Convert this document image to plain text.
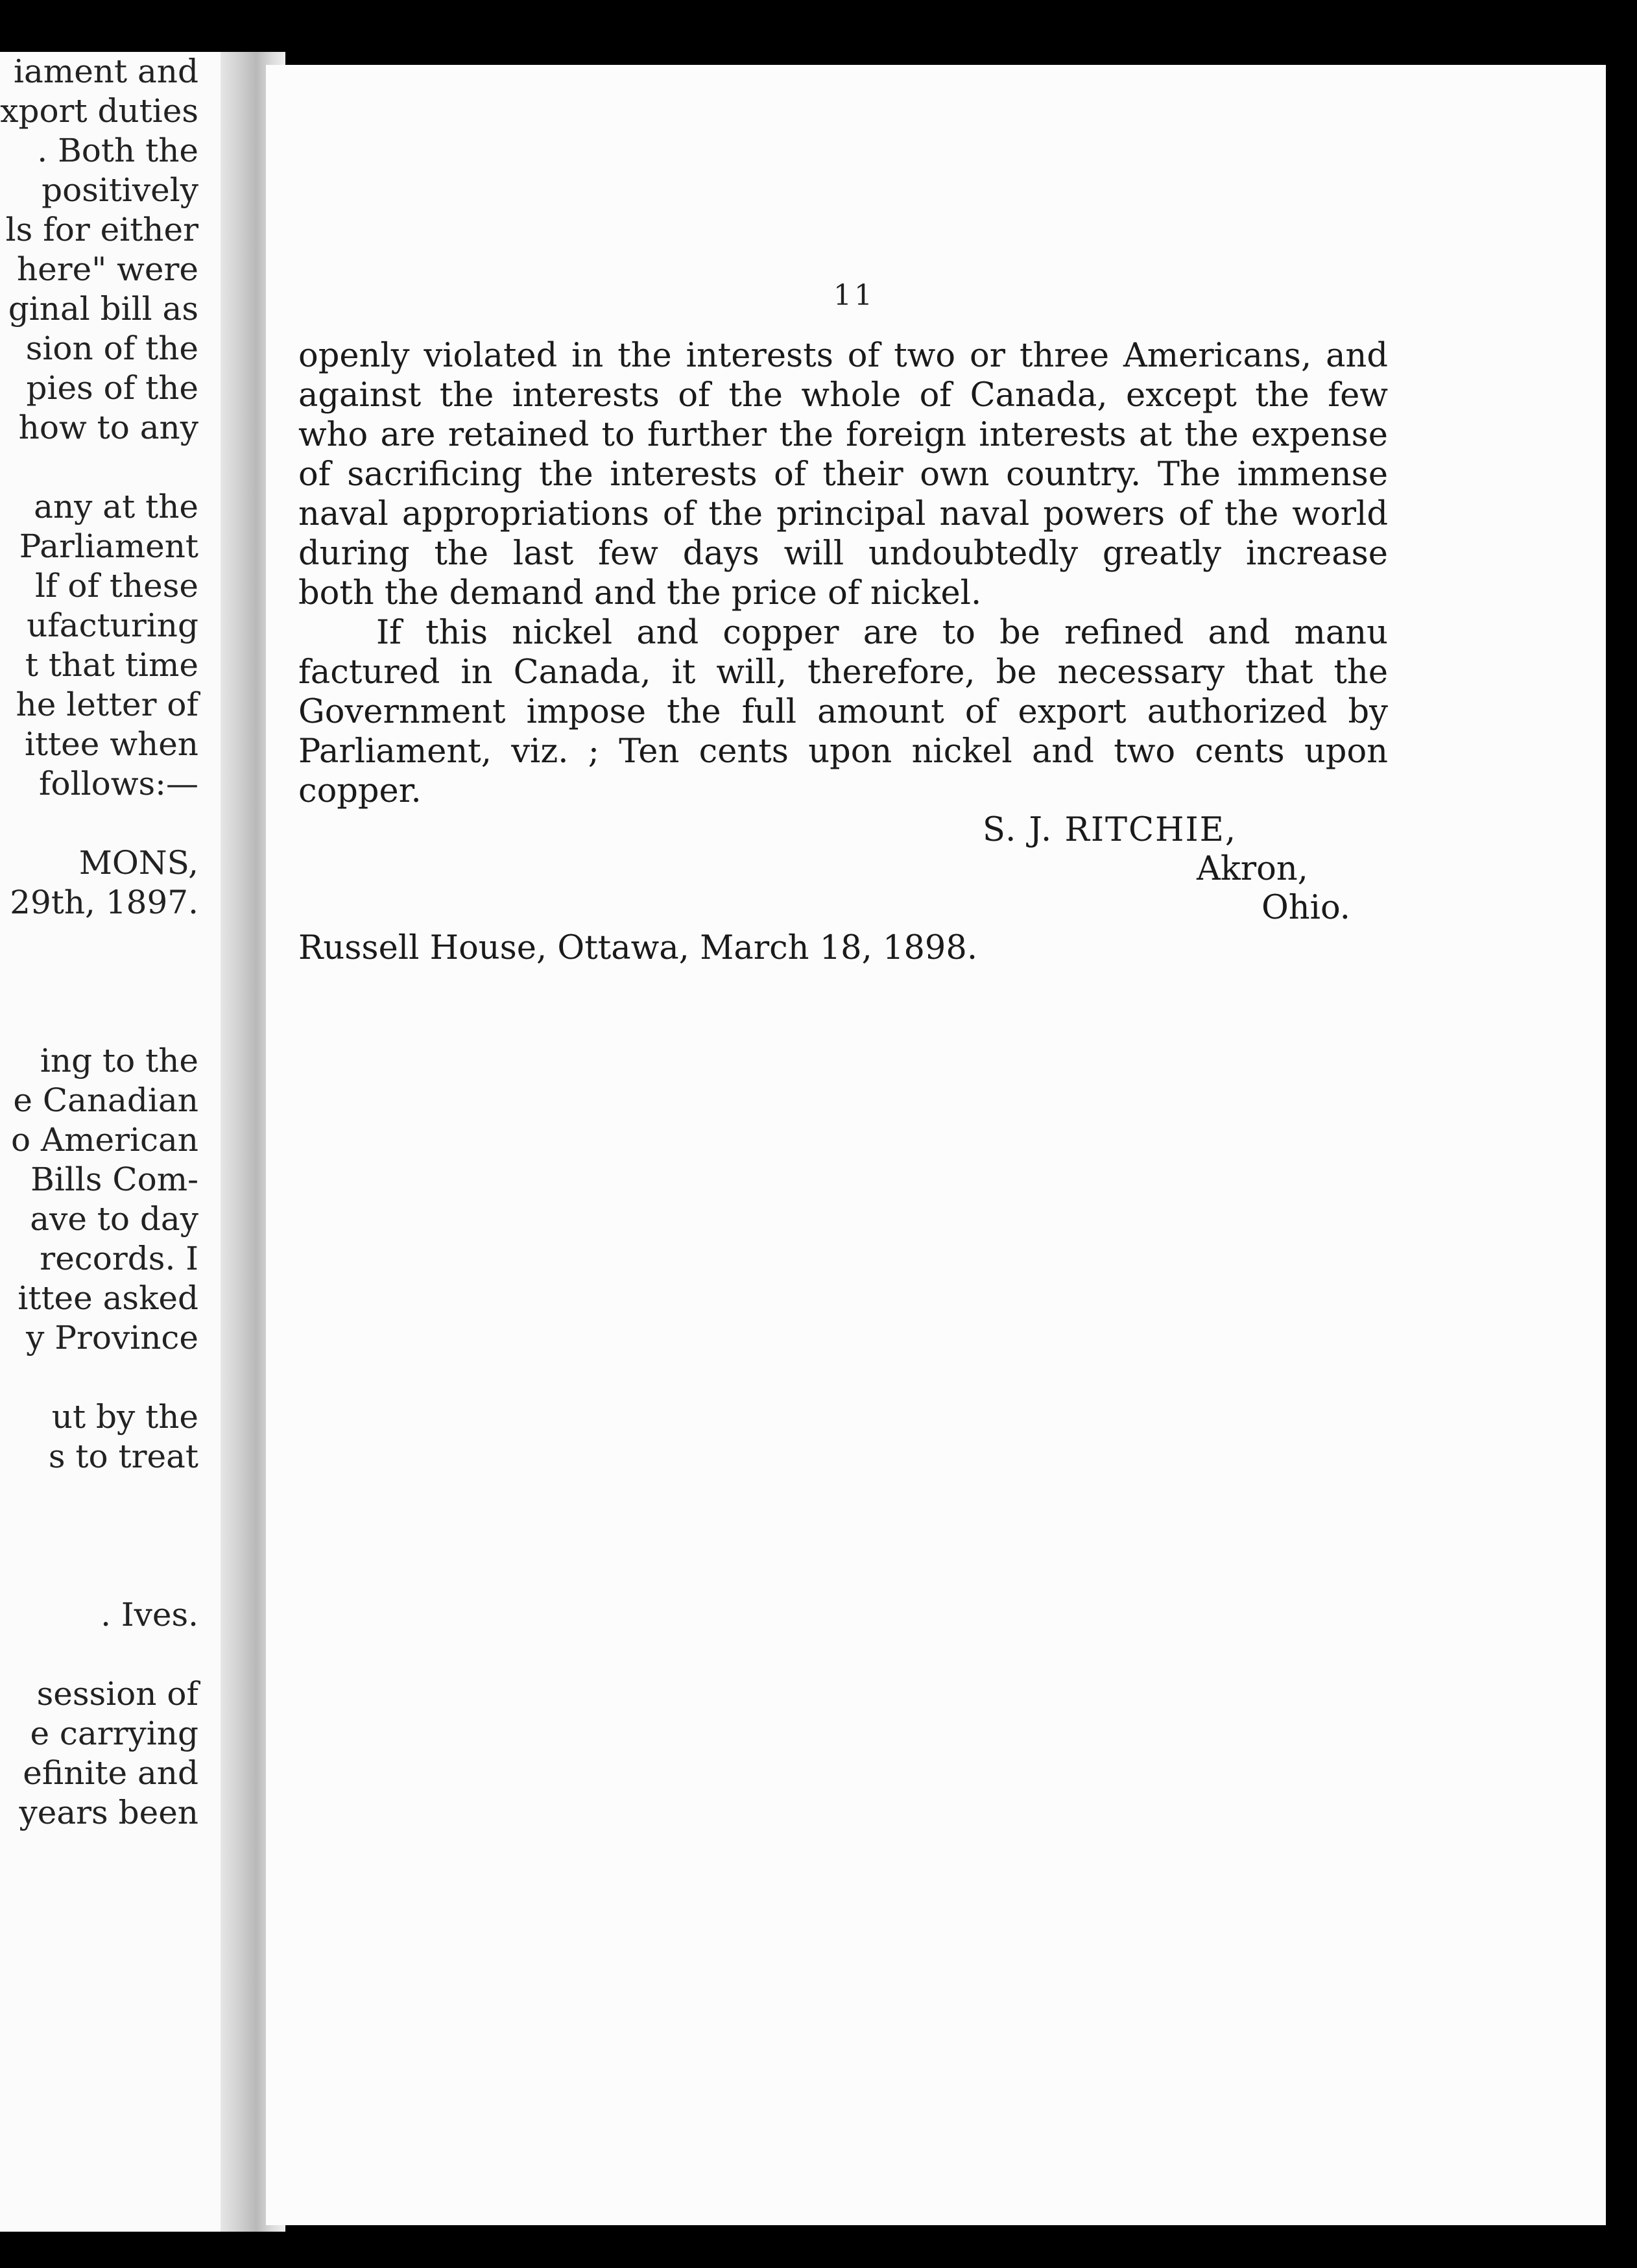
iament and
xport duties
. Both the
positively
ls for either
here" were
ginal bill as
sion of the
pies of the
how to any
any at the
Parliament
lf of these
ufacturing
t that time
he letter of
ittee when
follows:—
MONS,
29th, 1897.
ing to the
e Canadian
o American
Bills Com-
ave to day
records. I
ittee asked
y Province
ut by the
s to treat
. Ives.
session of
e carrying
efinite and
years been
11
openly violated in the interests of two or three Americans, and
against the interests of the whole of Canada, except the few
who are retained to further the foreign interests at the expense
of sacrificing the interests of their own country. The immense
naval appropriations of the principal naval powers of the world
during the last few days will undoubtedly greatly increase
both the demand and the price of nickel.
If this nickel and copper are to be refined and manu
factured in Canada, it will, therefore, be necessary that the
Government impose the full amount of export authorized by
Parliament, viz. ; Ten cents upon nickel and two cents upon
copper.
S. J. RITCHIE,
Akron,
Ohio.
Russell House, Ottawa, March 18, 1898.
